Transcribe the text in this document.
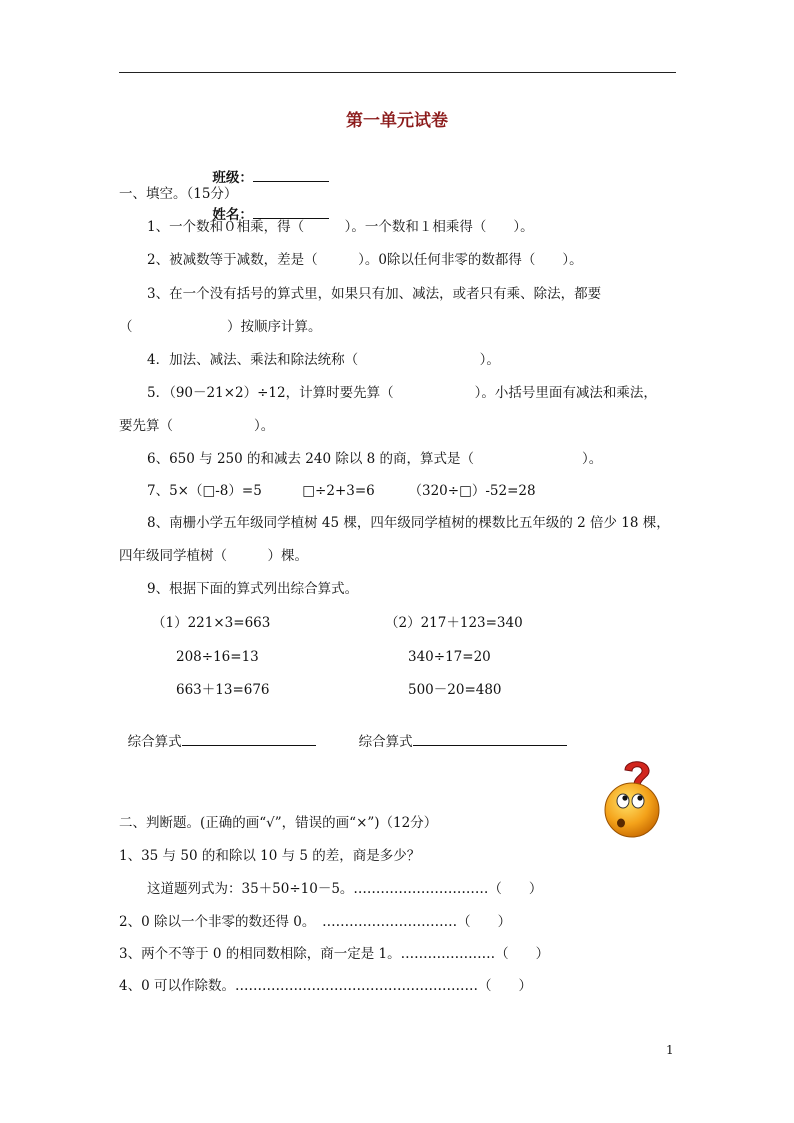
第一单元试卷

班级：

姓名：

一、填空。（15分）
1、一个数和０相乘，得（　　　）。一个数和１相乘得（　　）。
2、被减数等于减数，差是（　　　）。0除以任何非零的数都得（　　）。
3、在一个没有括号的算式里，如果只有加、减法，或者只有乘、除法，都要
（　　　　　　　）按顺序计算。
4．加法、减法、乘法和除法统称（　　　　　　　　　）。
5．（90－21×2）÷12，计算时要先算（　　　　　　）。小括号里面有减法和乘法，
要先算（　　　　　　）。
6、650 与 250 的和减去 240 除以 8 的商，算式是（　　　　　　　　）。
7、5×（□-8）=5　　　□÷2+3=6　　　（320÷□）-52=28
8、南栅小学五年级同学植树 45 棵，四年级同学植树的棵数比五年级的 2 倍少 18 棵，
四年级同学植树（　　　）棵。
9、根据下面的算式列出综合算式。
（1）221×3=663
208÷16=13
663＋13=676
（2）217＋123=340
340÷17=20
500－20=480

综合算式	综合算式

二、判断题。(正确的画“√”，错误的画“×”)（12分）
1、35 与 50 的和除以 10 与 5 的差，商是多少？
这道题列式为：35＋50÷10－5。…………………………（　　）
2、0 除以一个非零的数还得 0。　…………………………（　　）
3、两个不等于 0 的相同数相除，商一定是 1。…………………（　　）
4、0 可以作除数。………………………………………………（　　）
1
